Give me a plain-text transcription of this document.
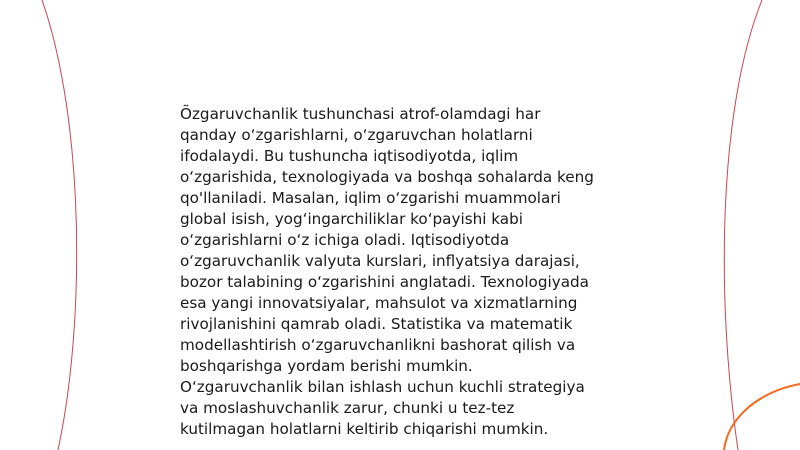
Õzgaruvchanlik tushunchasi atrof-olamdagi har
qanday o‘zgarishlarni, o‘zgaruvchan holatlarni
ifodalaydi. Bu tushuncha iqtisodiyotda, iqlim
o‘zgarishida, texnologiyada va boshqa sohalarda keng
qo'llaniladi. Masalan, iqlim o‘zgarishi muammolari
global isish, yog‘ingarchiliklar ko‘payishi kabi
o‘zgarishlarni o‘z ichiga oladi. Iqtisodiyotda
o‘zgaruvchanlik valyuta kurslari, inflyatsiya darajasi,
bozor talabining o‘zgarishini anglatadi. Texnologiyada
esa yangi innovatsiyalar, mahsulot va xizmatlarning
rivojlanishini qamrab oladi. Statistika va matematik
modellashtirish o‘zgaruvchanlikni bashorat qilish va
boshqarishga yordam berishi mumkin.
O‘zgaruvchanlik bilan ishlash uchun kuchli strategiya
va moslashuvchanlik zarur, chunki u tez-tez
kutilmagan holatlarni keltirib chiqarishi mumkin.
